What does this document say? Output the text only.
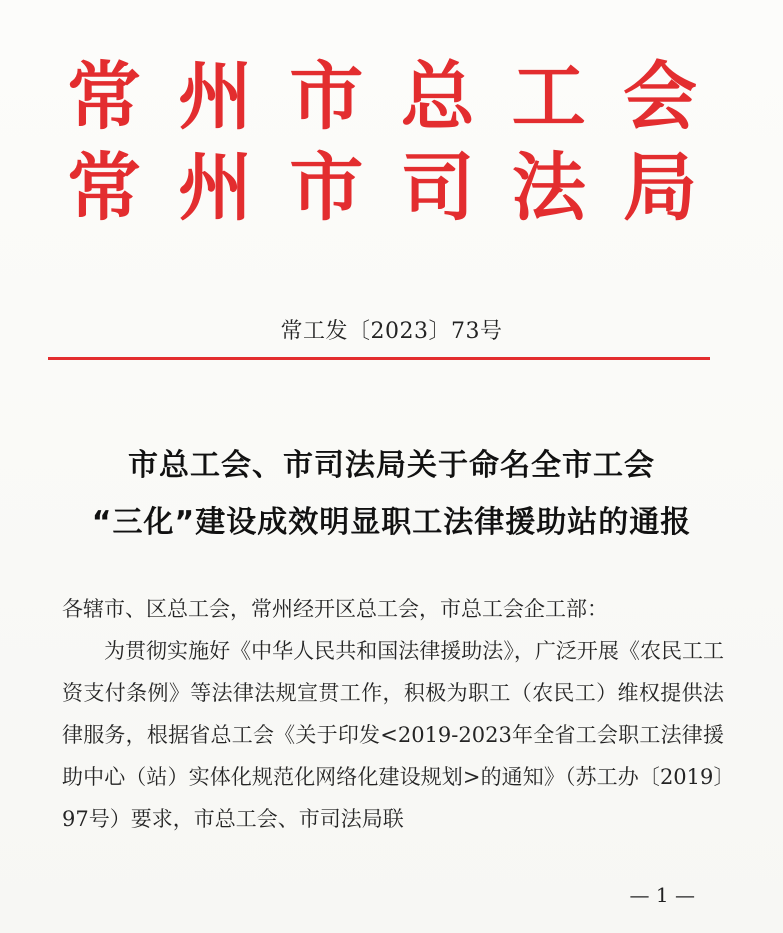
常 州 市 总 工 会
常 州 市 司 法 局
常工发〔2023〕73号
市总工会、市司法局关于命名全市工会
“三化”建设成效明显职工法律援助站的通报

各辖市、区总工会，常州经开区总工会，市总工会企工部：

为贯彻实施好《中华人民共和国法律援助法》，广泛开展《农民工工资支付条例》等法律法规宣贯工作，积极为职工（农民工）维权提供法律服务，根据省总工会《关于印发<2019-2023年全省工会职工法律援助中心（站）实体化规范化网络化建设规划>的通知》（苏工办〔2019〕97号）要求，市总工会、市司法局联

— 1 —
